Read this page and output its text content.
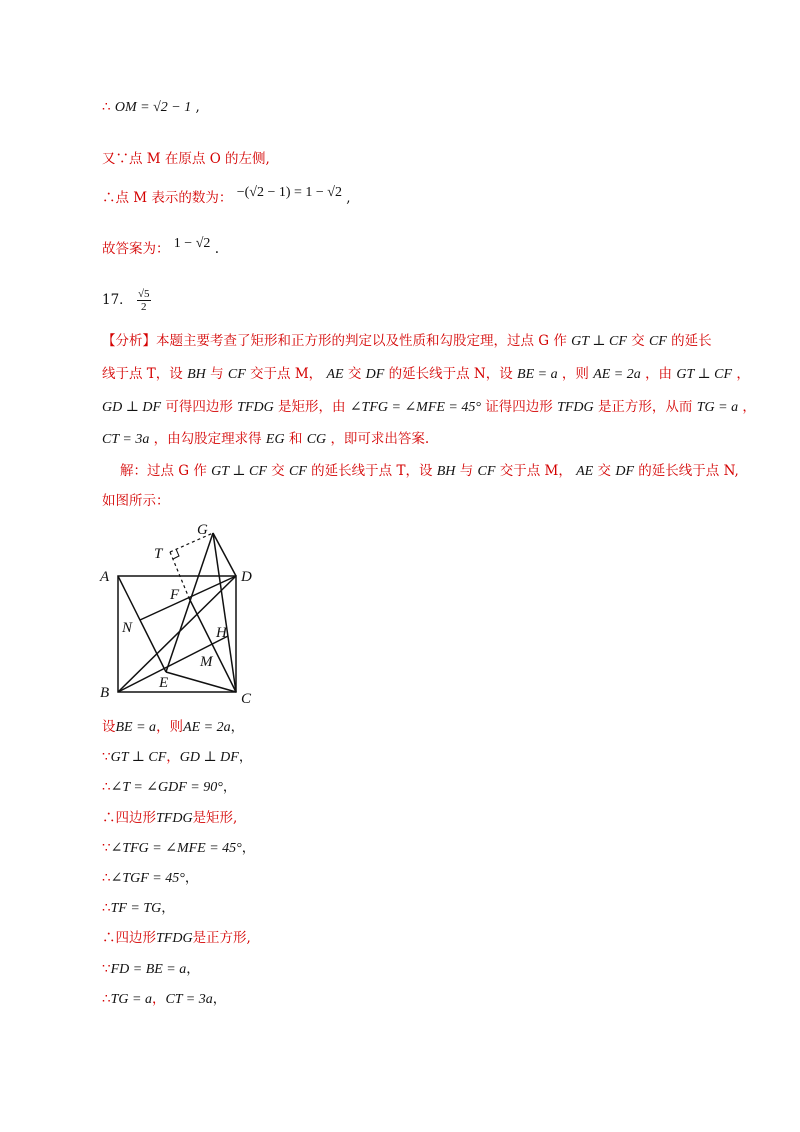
∴ OM = √2 − 1 ,
又∵点 M 在原点 O 的左侧,
∴点 M 表示的数为： −(√2 − 1) = 1 − √2 ,
故答案为： 1 − √2 .
17． $\frac{√5}{2}$
【分析】本题主要考查了矩形和正方形的判定以及性质和勾股定理，过点 G 作 GT ⊥ CF 交 CF 的延长
线于点 T，设 BH 与 CF 交于点 M， AE 交 DF 的延长线于点 N，设 BE = a ，则 AE = 2a ，由 GT ⊥ CF ，
GD ⊥ DF 可得四边形 TFDG 是矩形，由 ∠TFG = ∠MFE = 45° 证得四边形 TFDG 是正方形，从而 TG = a ，
CT = 3a ，由勾股定理求得 EG 和 CG ，即可求出答案.
解：过点 G 作 GT ⊥ CF 交 CF 的延长线于点 T，设 BH 与 CF 交于点 M， AE 交 DF 的延长线于点 N,
如图所示：
G
T
A	D
F
N	H
M
E
B	C
设BE = a，则AE = 2a，
∵GT ⊥ CF，GD ⊥ DF，
∴∠T = ∠GDF = 90°，
∴四边形TFDG是矩形,
∵∠TFG = ∠MFE = 45°，
∴∠TGF = 45°，
∴TF = TG，
∴四边形TFDG是正方形,
∵FD = BE = a，
∴TG = a，CT = 3a，
